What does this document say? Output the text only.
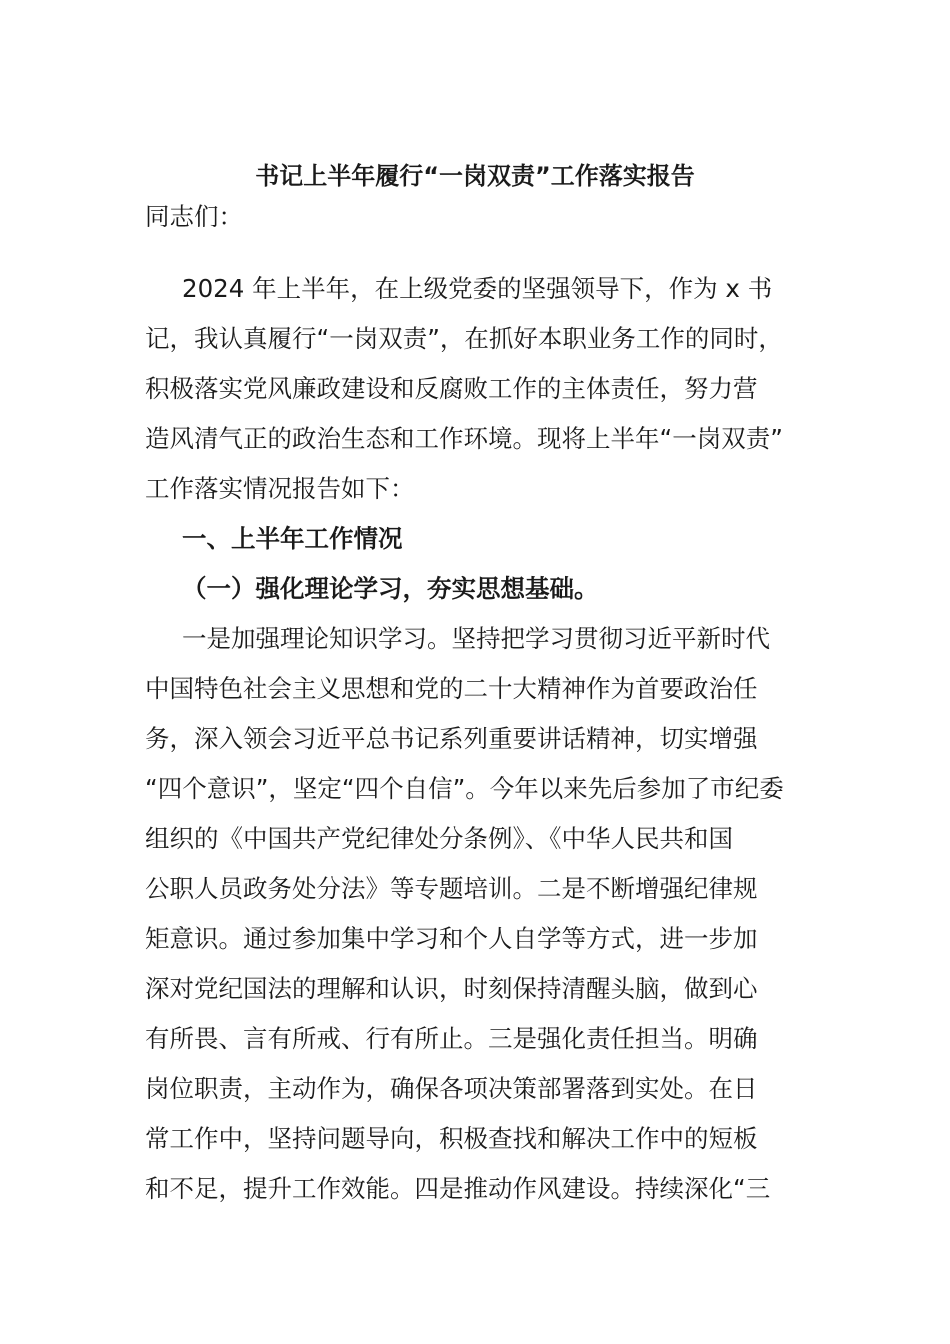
书记上半年履行“一岗双责”工作落实报告
同志们：
2024 年上半年，在上级党委的坚强领导下，作为 x 书
记，我认真履行“一岗双责”，在抓好本职业务工作的同时，
积极落实党风廉政建设和反腐败工作的主体责任，努力营
造风清气正的政治生态和工作环境。现将上半年“一岗双责”
工作落实情况报告如下：
一、上半年工作情况
（一）强化理论学习，夯实思想基础。
一是加强理论知识学习。坚持把学习贯彻习近平新时代
中国特色社会主义思想和党的二十大精神作为首要政治任
务，深入领会习近平总书记系列重要讲话精神，切实增强
“四个意识”，坚定“四个自信”。今年以来先后参加了市纪委
组织的《中国共产党纪律处分条例》、《中华人民共和国
公职人员政务处分法》等专题培训。二是不断增强纪律规
矩意识。通过参加集中学习和个人自学等方式，进一步加
深对党纪国法的理解和认识，时刻保持清醒头脑，做到心
有所畏、言有所戒、行有所止。三是强化责任担当。明确
岗位职责，主动作为，确保各项决策部署落到实处。在日
常工作中，坚持问题导向，积极查找和解决工作中的短板
和不足，提升工作效能。四是推动作风建设。持续深化“三
